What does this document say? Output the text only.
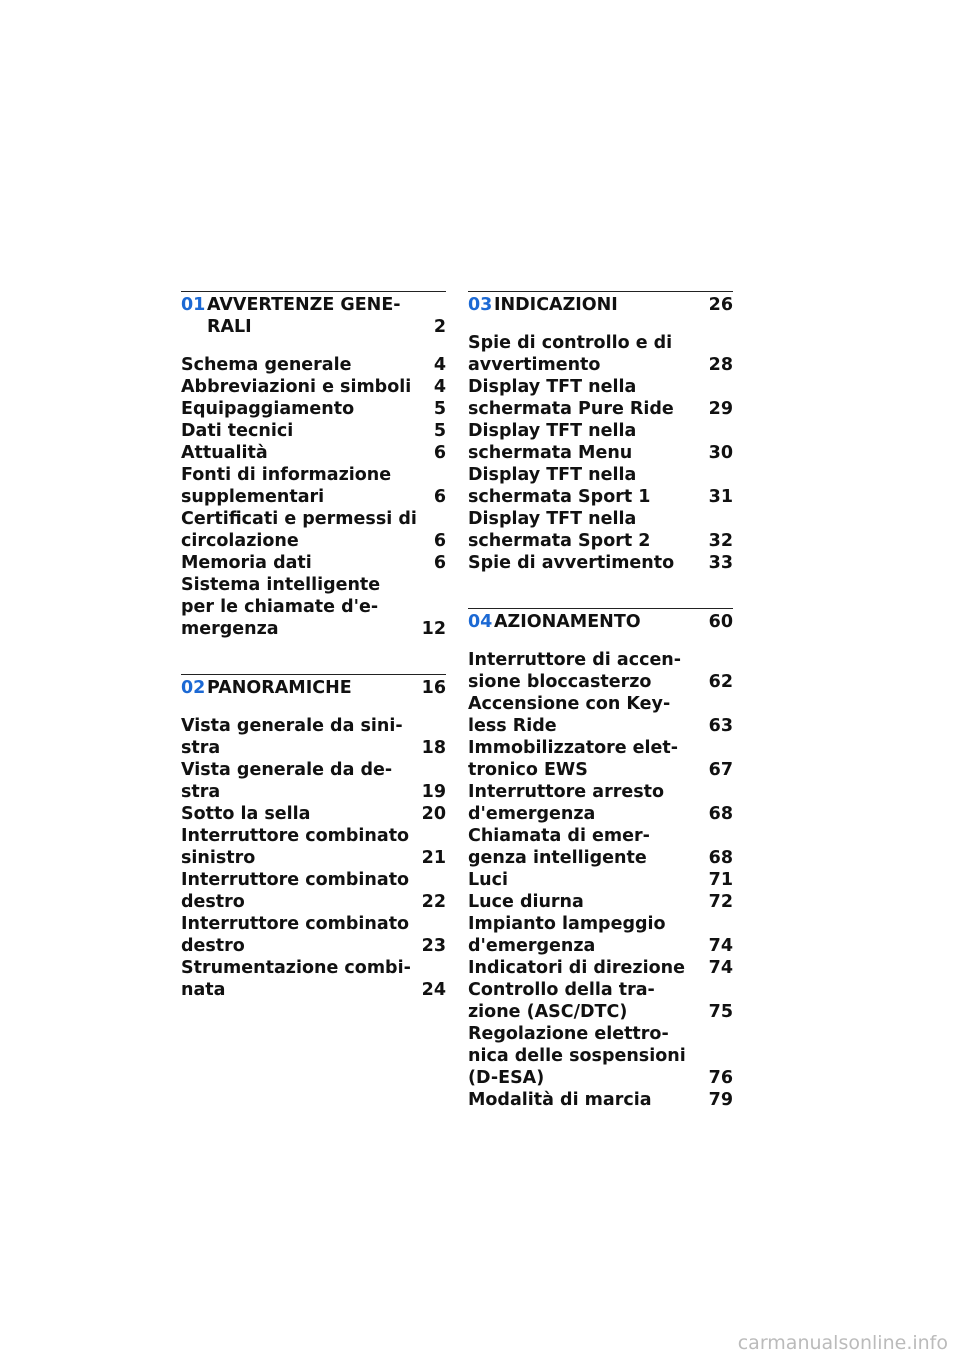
01 AVVERTENZE GENE-
RALI	2
Schema generale	4
Abbreviazioni e simboli	4
Equipaggiamento	5
Dati tecnici	5
Attualità	6
Fonti di informazione
supplementari	6
Certificati e permessi di
circolazione	6
Memoria dati	6
Sistema intelligente
per le chiamate d'e-
mergenza	12
02 PANORAMICHE	16
Vista generale da sini-
stra	18
Vista generale da de-
stra	19
Sotto la sella	20
Interruttore combinato
sinistro	21
Interruttore combinato
destro	22
Interruttore combinato
destro	23
Strumentazione combi-
nata	24
03 INDICAZIONI	26
Spie di controllo e di
avvertimento	28
Display TFT nella
schermata Pure Ride	29
Display TFT nella
schermata Menu	30
Display TFT nella
schermata Sport 1	31
Display TFT nella
schermata Sport 2	32
Spie di avvertimento	33
04 AZIONAMENTO	60
Interruttore di accen-
sione bloccasterzo	62
Accensione con Key-
less Ride	63
Immobilizzatore elet-
tronico EWS	67
Interruttore arresto
d'emergenza	68
Chiamata di emer-
genza intelligente	68
Luci	71
Luce diurna	72
Impianto lampeggio
d'emergenza	74
Indicatori di direzione	74
Controllo della tra-
zione (ASC/DTC)	75
Regolazione elettro-
nica delle sospensioni
(D-ESA)	76
Modalità di marcia	79
carmanualsonline.info
